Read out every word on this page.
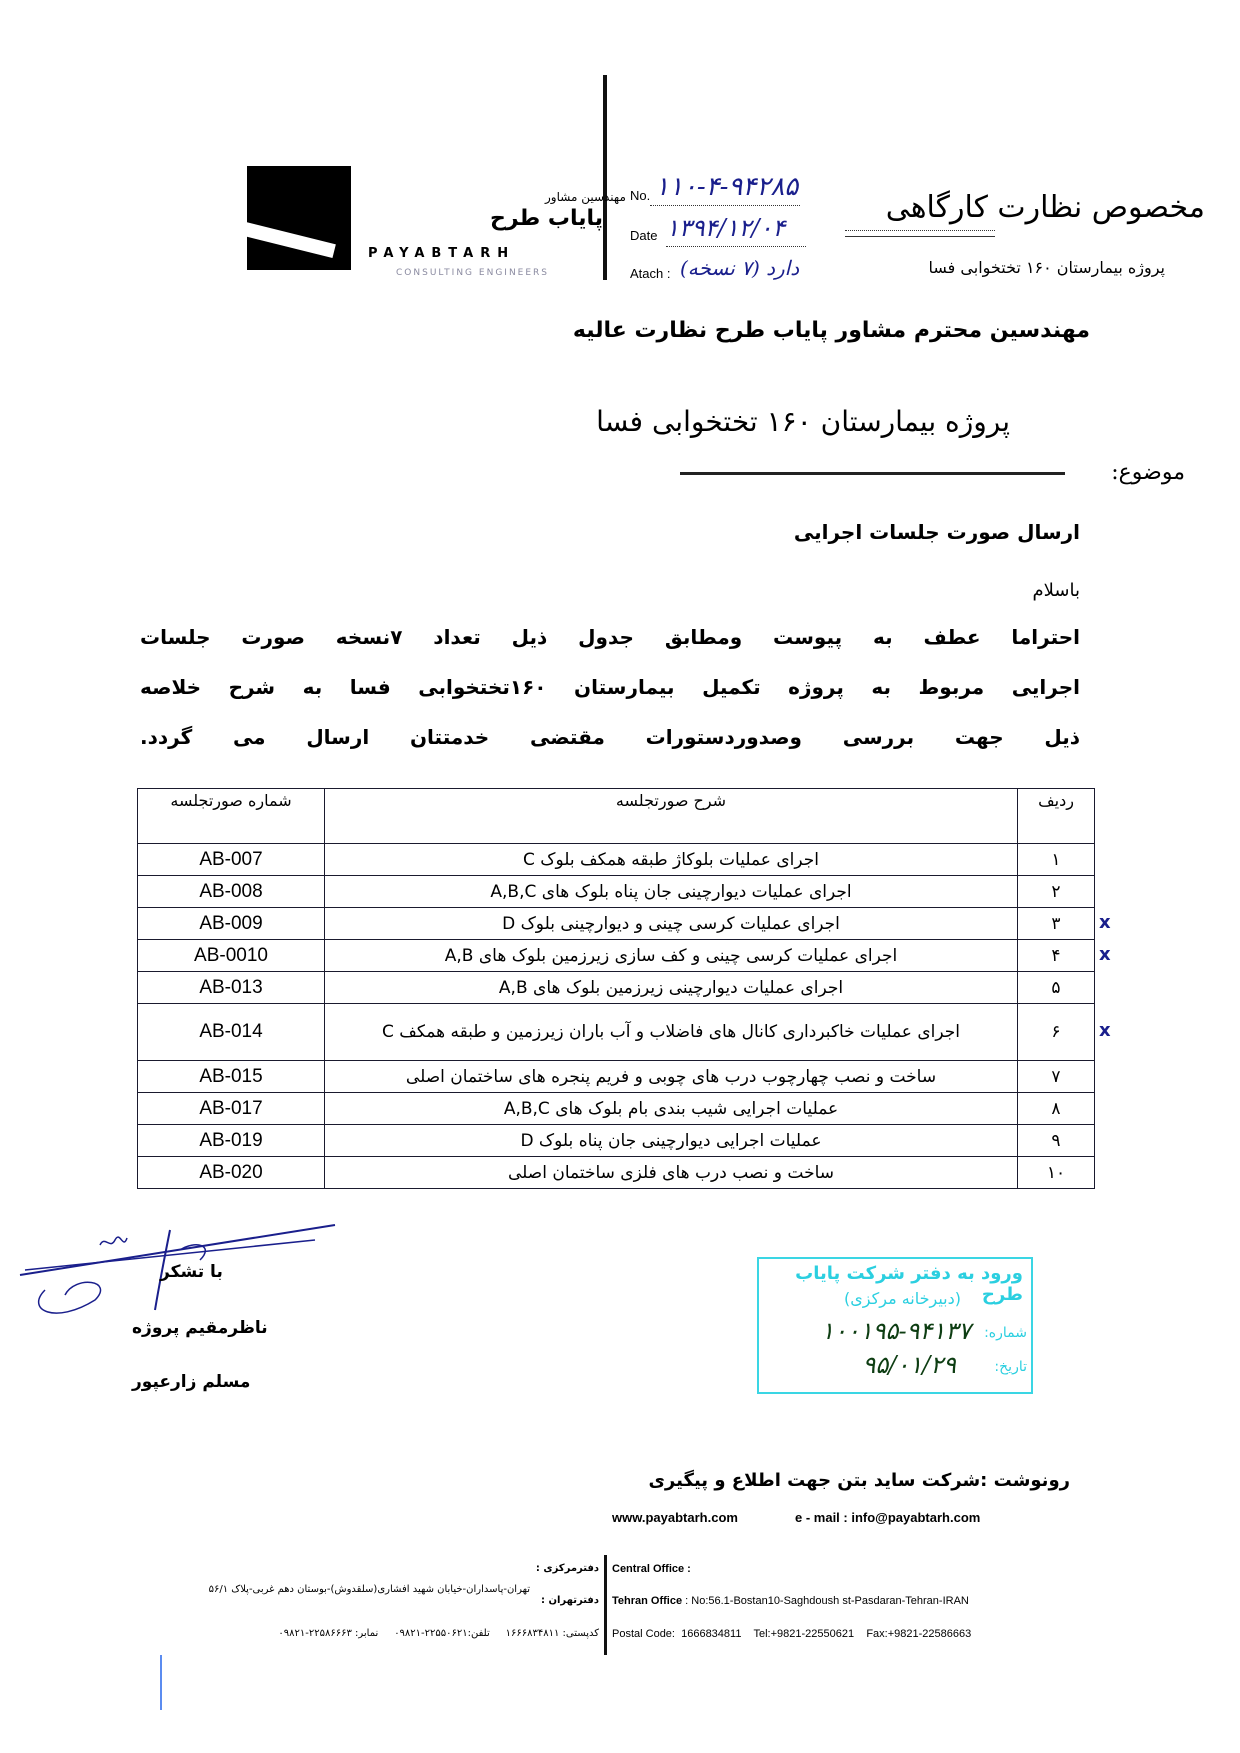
مهندسین مشاور
پایاب طرح
PAYABTARH
CONSULTING ENGINEERS
No. ۱۱۰-۴-۹۴۲۸۵
Date ۱۳۹۴/۱۲/۰۴
Atach : دارد (۷ نسخه)
مخصوص نظارت کارگاهی
پروژه بیمارستان ۱۶۰ تختخوابی فسا
مهندسین محترم مشاور پایاب طرح نظارت عالیه
پروژه بیمارستان ۱۶۰ تختخوابی فسا
موضوع:
ارسال صورت جلسات اجرایی
باسلام
احتراما عطف به پیوست ومطابق جدول ذیل تعداد ۷نسخه صورت جلسات
اجرایی مربوط به پروژه تکمیل بیمارستان ۱۶۰تختخوابی فسا به شرح خلاصه
ذیل جهت بررسی وصدوردستورات مقتضی خدمتتان ارسال می گردد.
ردیف	شرح صورتجلسه	شماره صورتجلسه
۱	اجرای عملیات بلوکاژ طبقه همکف بلوک C	AB-007
۲	اجرای عملیات دیوارچینی جان پناه بلوک های A,B,C	AB-008
۳	اجرای عملیات کرسی چینی و دیوارچینی بلوک D	AB-009
۴	اجرای عملیات کرسی چینی و کف سازی زیرزمین بلوک های A,B	AB-0010
۵	اجرای عملیات دیوارچینی زیرزمین بلوک های A,B	AB-013
۶	اجرای عملیات خاکبرداری کانال های فاضلاب و آب باران زیرزمین و طبقه همکف C	AB-014
۷	ساخت و نصب چهارچوب درب های چوبی و فریم پنجره های ساختمان اصلی	AB-015
۸	عملیات اجرایی شیب بندی بام بلوک های A,B,C	AB-017
۹	عملیات اجرایی دیوارچینی جان پناه بلوک D	AB-019
۱۰	ساخت و نصب درب های فلزی ساختمان اصلی	AB-020
x
x
x
با تشکر
ناظرمقیم پروژه
مسلم زارعپور
ورود به دفتر شرکت پایاب طرح
(دبیرخانه مرکزی)
شماره:
۱۰۰۱۹۵-۹۴۱۳۷
تاریخ:
۹۵/۰۱/۲۹
رونوشت :شرکت ساید بتن جهت اطلاع و پیگیری
www.payabtarh.com	e - mail : info@payabtarh.com
Central Office :
Tehran Office : No:56.1-Bostan10-Saghdoush st-Pasdaran-Tehran-IRAN
Postal Code:  1666834811    Tel:+9821-22550621    Fax:+9821-22586663
دفترمرکزی :
دفترتهران :
تهران-پاسداران-خیابان شهید افشاری(سلقدوش)-بوستان دهم غربی-پلاک ۵۶/۱
کدپستی: ۱۶۶۶۸۳۴۸۱۱     تلفن:۲۲۵۵۰۶۲۱-۰۹۸۲۱     نمابر: ۲۲۵۸۶۶۶۳-۰۹۸۲۱
